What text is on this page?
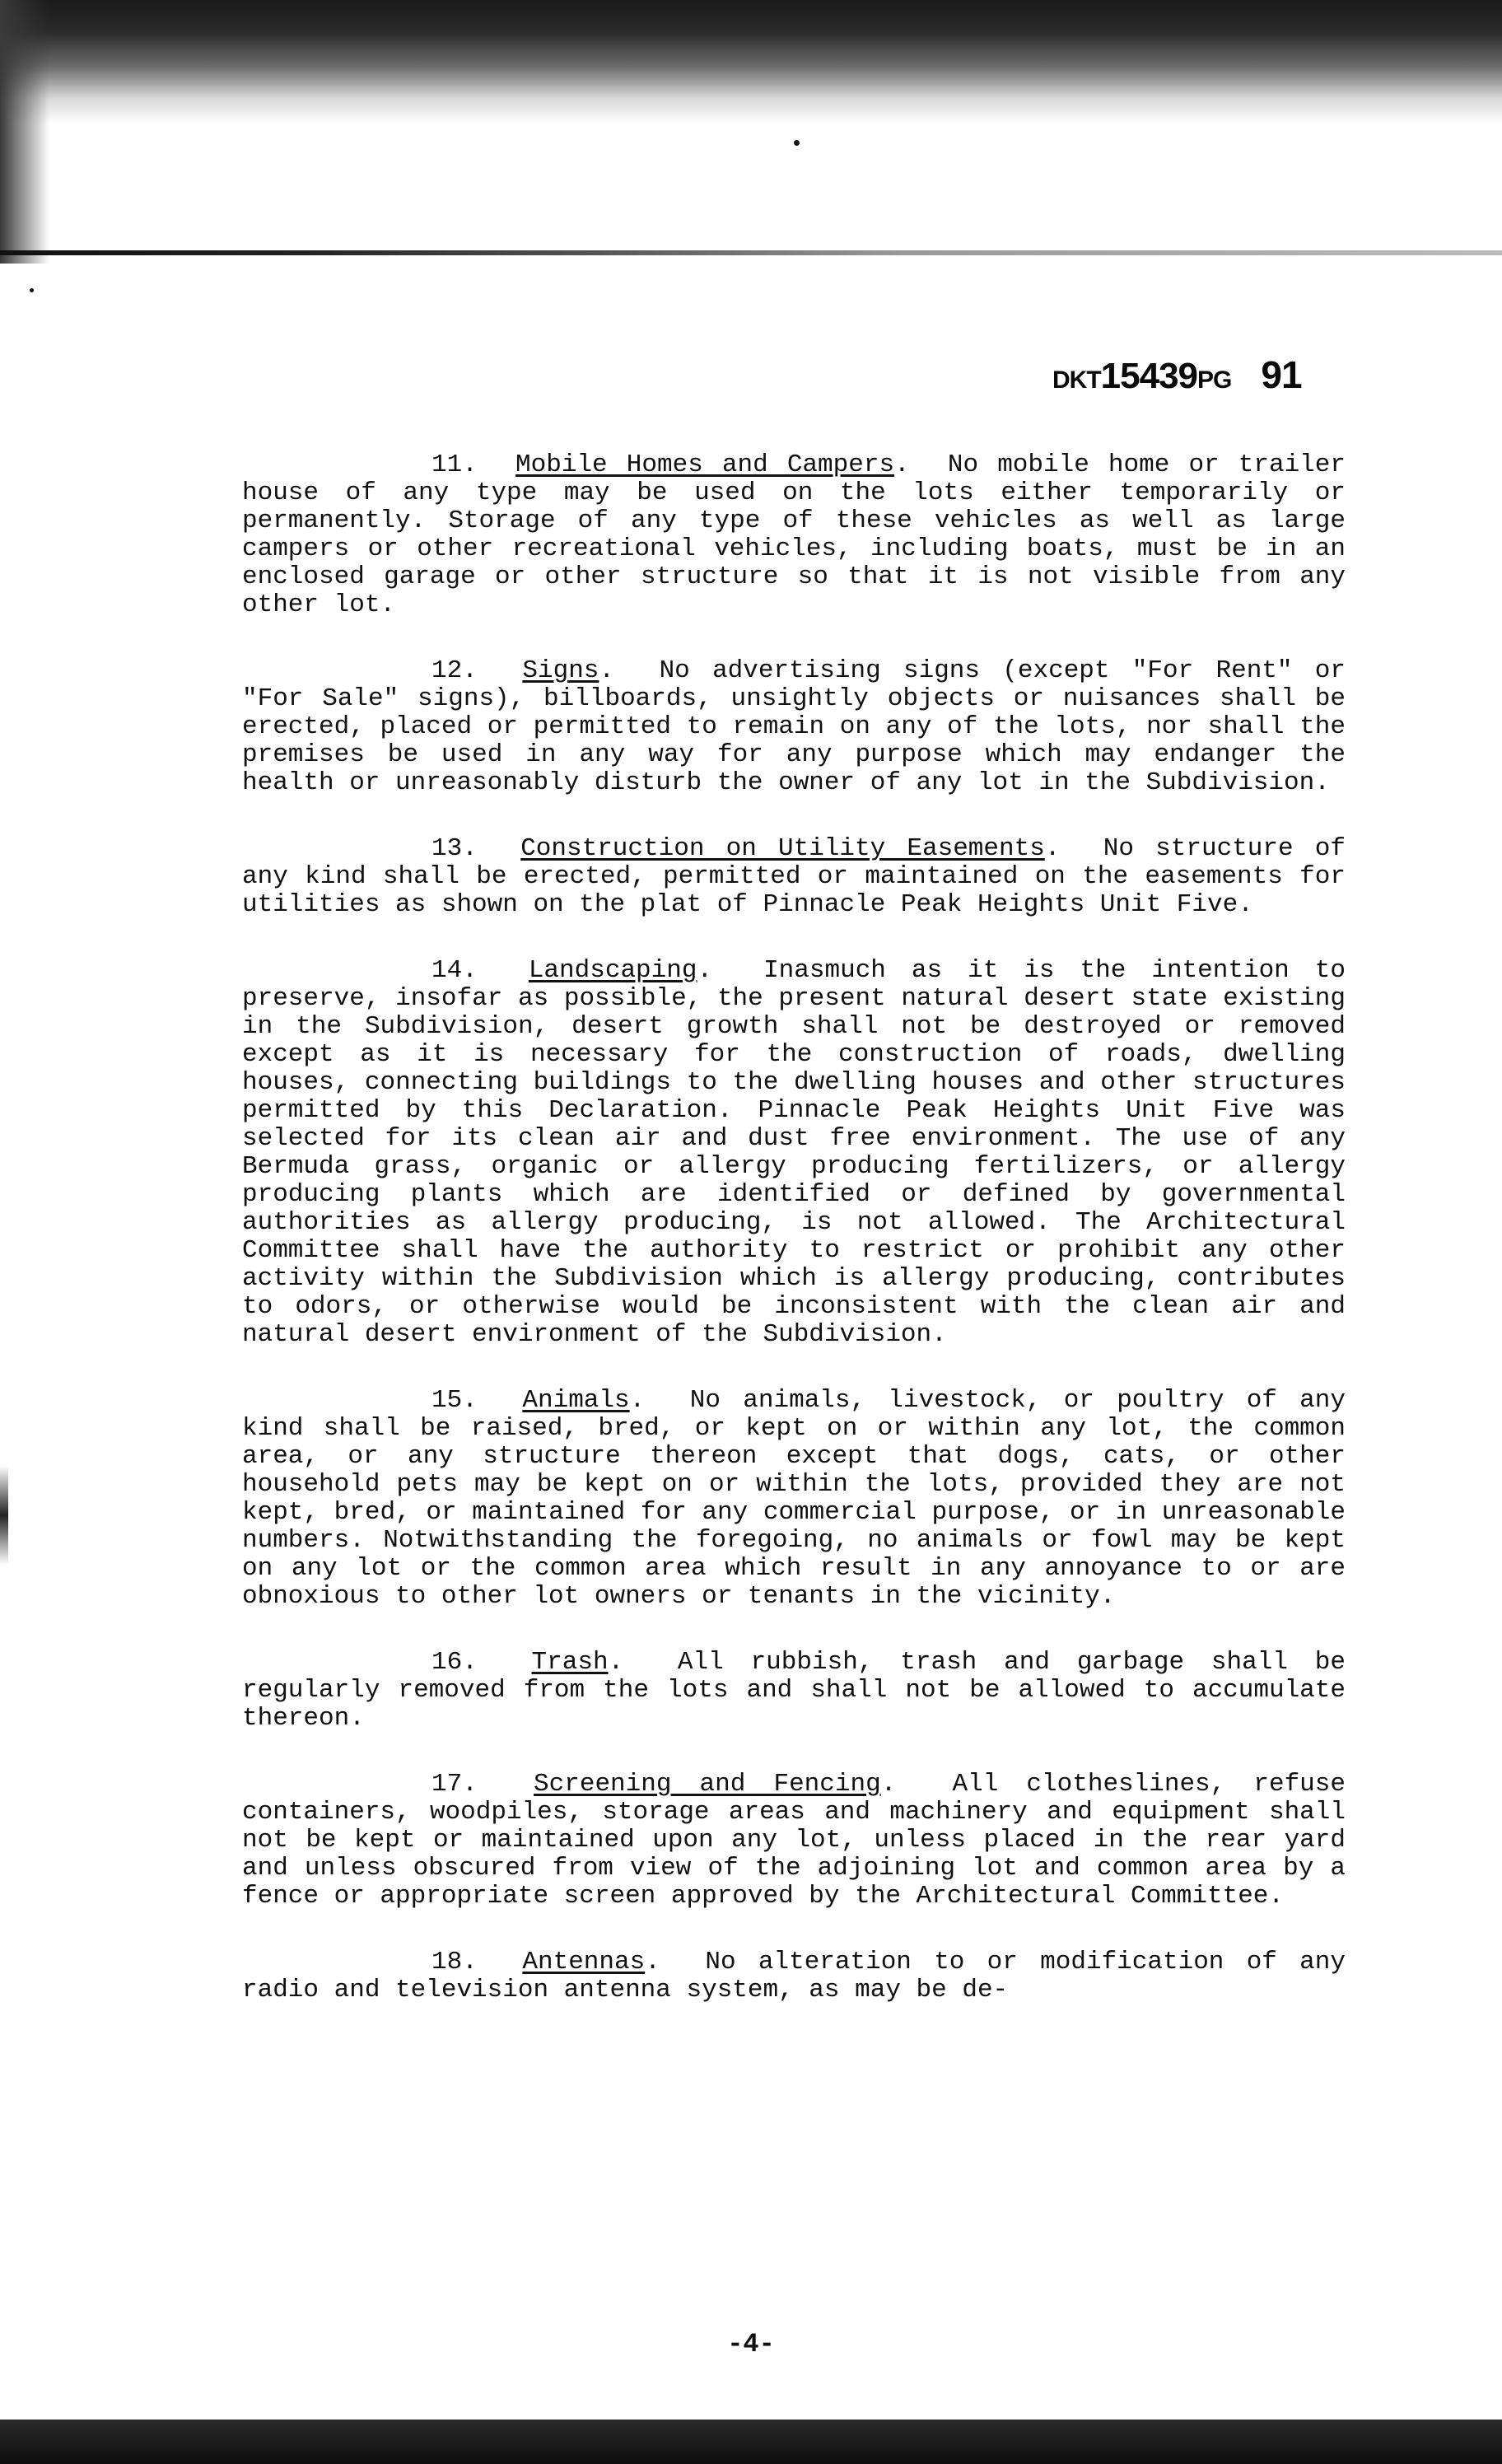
DKT15439PG 91

11. Mobile Homes and Campers.  No mobile home or trailer house of any type may be used on the lots either temporarily or permanently. Storage of any type of these vehicles as well as large campers or other recreational vehicles, including boats, must be in an enclosed garage or other structure so that it is not visible from any other lot.

12. Signs.  No advertising signs (except "For Rent" or "For Sale" signs), billboards, unsightly objects or nuisances shall be erected, placed or permitted to remain on any of the lots, nor shall the premises be used in any way for any purpose which may endanger the health or unreasonably disturb the owner of any lot in the Subdivision.

13. Construction on Utility Easements.  No structure of any kind shall be erected, permitted or maintained on the easements for utilities as shown on the plat of Pinnacle Peak Heights Unit Five.

14. Landscaping.  Inasmuch as it is the intention to preserve, insofar as possible, the present natural desert state existing in the Subdivision, desert growth shall not be destroyed or removed except as it is necessary for the construction of roads, dwelling houses, connecting buildings to the dwelling houses and other structures permitted by this Declaration. Pinnacle Peak Heights Unit Five was selected for its clean air and dust free environment. The use of any Bermuda grass, organic or allergy producing fertilizers, or allergy producing plants which are identified or defined by governmental authorities as allergy producing, is not allowed. The Architectural Committee shall have the authority to restrict or prohibit any other activity within the Subdivision which is allergy producing, contributes to odors, or otherwise would be inconsistent with the clean air and natural desert environment of the Subdivision.

15. Animals.  No animals, livestock, or poultry of any kind shall be raised, bred, or kept on or within any lot, the common area, or any structure thereon except that dogs, cats, or other household pets may be kept on or within the lots, provided they are not kept, bred, or maintained for any commercial purpose, or in unreasonable numbers. Notwithstanding the foregoing, no animals or fowl may be kept on any lot or the common area which result in any annoyance to or are obnoxious to other lot owners or tenants in the vicinity.

16. Trash.  All rubbish, trash and garbage shall be regularly removed from the lots and shall not be allowed to accumulate thereon.

17. Screening and Fencing.  All clotheslines, refuse containers, woodpiles, storage areas and machinery and equipment shall not be kept or maintained upon any lot, unless placed in the rear yard and unless obscured from view of the adjoining lot and common area by a fence or appropriate screen approved by the Architectural Committee.

18. Antennas.  No alteration to or modification of any radio and television antenna system, as may be de-

-4-
